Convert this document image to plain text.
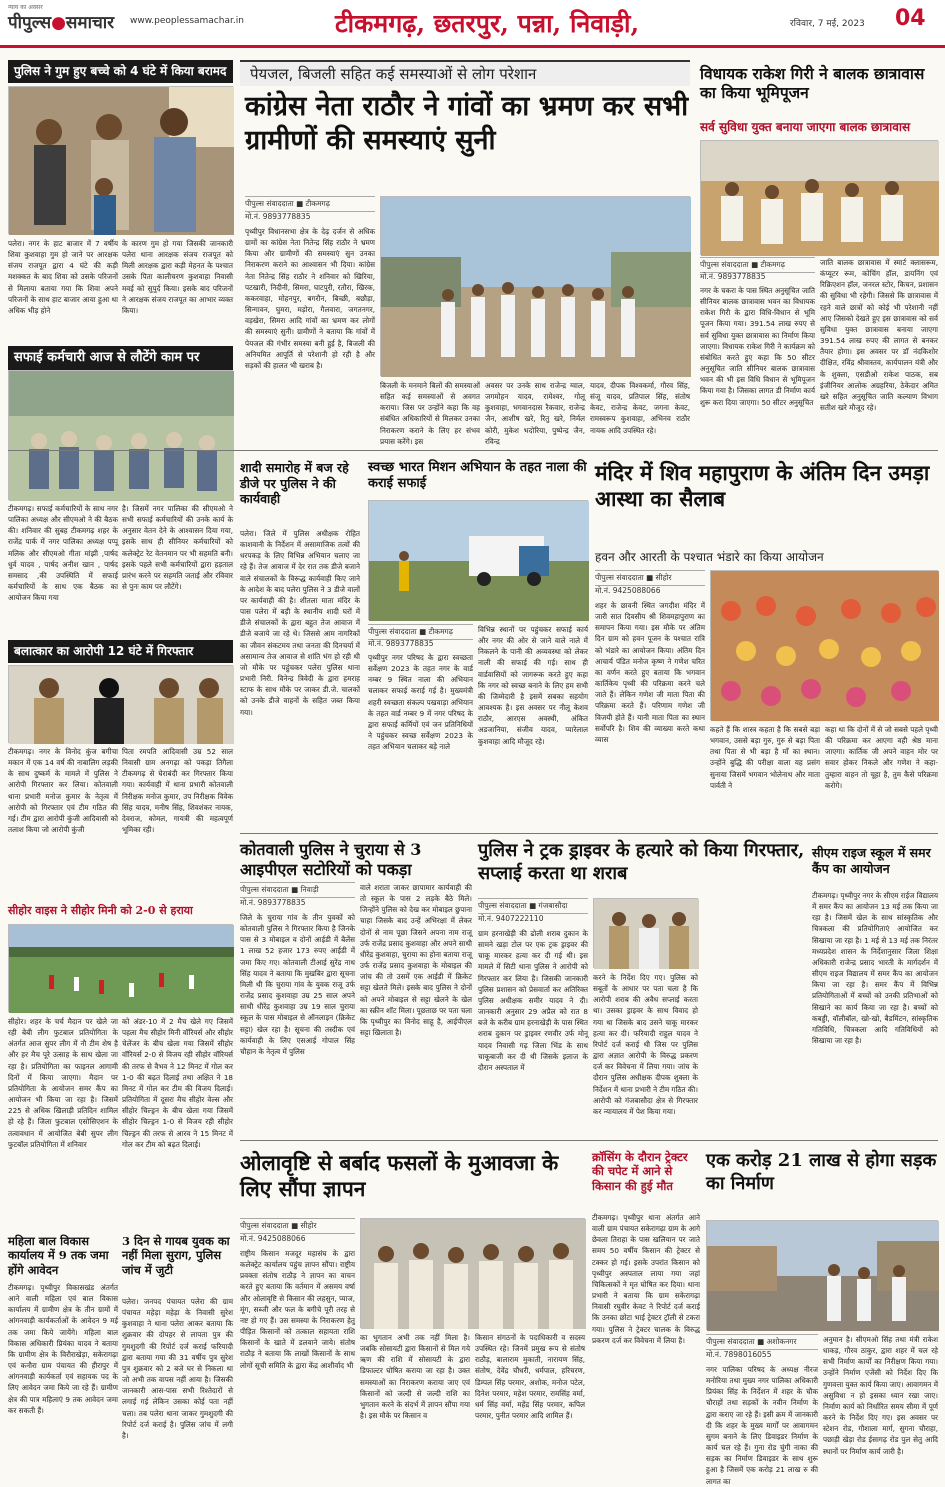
न्याय का अवसर
पीपुल्स●समाचार www.peoplessamachar.in	टीकमगढ़, छतरपुर, पन्ना, निवाड़ी,	रविवार, 7 मई, 2023 04
पुलिस ने गुम हुए बच्चे को 4 घंटे में किया बरामद
पलेरा। नगर के हाट बाजार में 7 वर्षीय शिवा कुशवाहा गुम हो जाने पर आरक्षक संजय राजपूत द्वारा 4 घंटे की कड़ी मशक्कत के बाद शिवा को उसके परिजनों से मिलाया बताया गया कि शिवा अपने परिजनों के साथ हाट बाजार आया हुआ था अधिक भीड़ होने
के कारण गुम हो गया जिसकी जानकारी पलेरा थाना आरक्षक संजय राजपूत को मिली आरक्षक द्वारा कड़ी मेहनत के पश्चात उसके पिता कालीचरण कुशवाहा निवासी मवई को सुपुर्द किया। इसके बाद परिजनों ने आरक्षक संजय राजपूत का आभार व्यक्त किया।
सफाई कर्मचारी आज से लौटेंगे काम पर
टीकमगढ़। सफाई कर्मचारियों के साथ नगर पालिका अध्यक्ष और सीएमओ ने की बैठक की। शनिवार की सुबह टीकमगढ़ शहर के राजेंद्र पार्क में नगर पालिका अध्यक्ष पप्पू मलिक और सीएमओ गीता मांझी ,पार्षद धुर्व यादव , पार्षद अनीश खान , पार्षद समसाद ,की उपस्थिति में सफाई कर्मचारियों के साथ एक बैठक का आयोजन किया गया
है। जिसमें नगर पालिका की सीएमओ ने सभी सफाई कर्मचारियों की उनके कार्य के अनुसार वेतन देने के आश्वासन दिया गया, इसके साथ ही सीनियर कर्मचारियों को कलेक्ट्रेट रेट वेतनमान पर भी सहमति बनी। इसके पहले सभी कर्मचारियों द्वारा हड़ताल प्रारंभ करने पर सहमति जताई और रविवार से पुनः काम पर लौटेंगे।
बलात्कार का आरोपी 12 घंटे में गिरफ्तार
टीकमगढ़। नगर के विनोद कुंज बगीचा मकान में एक 14 वर्ष की नाबालिग लड़की के साथ दुष्कर्म के मामले में पुलिस ने आरोपी गिरफ्तार कर लिया। कोतवाली थाना प्रभारी मनोज कुमार के नेतृत्व में आरोपी को गिरफ्तार एवं टीम गठित की गई। टीम द्वारा आरोपी कुंजी आदिवासी को तलाश किया जो आरोपी कुंजी
पिता रमपति आदिवासी उम्र 52 साल निवासी ग्राम अनगढ़ा को पकड़ा तिगैला टीकमगढ़ से घेराबंदी कर गिरफ्तार किया गया। कार्यवाही में थाना प्रभारी कोतवाली निरीक्षक मनोज कुमार, उप निरीक्षक विवेक सिंह यादव, मनीष सिंह, शिवशंकर नायक, देवराज, कोमल, गायत्री की महत्वपूर्ण भूमिका रही।
सीहोर वाइस ने सीहोर मिनी को 2-0 से हराया
सीहोर। शहर के चर्च मैदान पर खेले जा रही बेबी लीग फुटबाल प्रतियोगिता के अंतर्गत आज सुपर लीग में नौ टीम शेष है और हर मैच पूरे उत्साह के साथ खेला जा रहा है। प्रतियोगिता का फाइनल आगामी दिनों में किया जाएगा। मैदान पर प्रतियोगिता के आयोजन समर कैंप का आयोजन भी किया जा रहा है। जिसमें 225 से अधिक खिलाड़ी प्रतिदिन शामिल हो रहे हैं। जिला फुटबाल एसोसिएशन के तत्वावधान में आयोजित बेबी सुपर लीग फुटबॉल प्रतियोगिता में शनिवार
को अंडर-10 में 2 मैच खेले गए जिसमें पहला मैच सीहोर मिनी वॉरियर्स और सीहोर चेलेंजर के बीच खेला गया जिसमें सीहोर वॉरियर्स 2-0 से विजय रही सीहोर वॉरियर्स की तरफ से वैभव ने 12 मिनट में गोल कर 1-0 की बढ़त दिलाई तथा अक्षित ने 18 मिनट में गोल कर टीम की विजय दिलाई। प्रतियोगिता में दूसरा मैच सीहोर वेल्स और सीहोर चिल्ड्रन के बीच खेला गया जिसमें सीहोर चिल्ड्रन 1-0 से विजय रही सीहोर चिल्ड्रन की तरफ से आरव ने 15 मिनट में गोल कर टीम को बढ़त दिलाई।
महिला बाल विकास कार्यालय में 9 तक जमा होंगे आवेदन
टीकमगढ़। पृथ्वीपुर विकासखंड अंतर्गत आने वाली महिला एवं बाल विकास कार्यालय में ग्रामीण क्षेत्र के तीन ग्रामों में आंगनवाड़ी कार्यकर्ताओं के आवेदन 9 मई तक जमा किये जायेंगे। महिला बाल विकास अधिकारी प्रियंका यादव ने बताया कि ग्रामीण क्षेत्र के विरौराखेड़ा, सकेरागढ़ा एवं कनौरा ग्राम पंचायत की हीरापुर में आंगनवाड़ी कार्यकर्ता एवं सहायक पद के लिए आवेदन जमा किये जा रहे हैं। ग्रामीण क्षेत्र की पात्र महिलाएं 9 तक आवेदन जमा कर सकती हैं।
3 दिन से गायब युवक का नहीं मिला सुराग, पुलिस जांच में जुटी
पलेरा। जनपद पंचायत पलेरा की ग्राम पंचायत महेड़ा महेड़ा के निवासी सुरेश कुशवाहा ने थाना पलेरा आकर बताया कि शुक्रवार की दोपहर से लापता पुत्र की गुमशुदगी की रिपोर्ट दर्ज कराई फरियादी द्वारा बताया गया की 31 वर्षीय पुत्र सुरेश पुत्र शुक्रवार को 2 बजे घर से निकला था जो अभी तक वापस नहीं आया है। जिसकी जानकारी आस-पास सभी रिश्तेदारों से लगाई गई लेकिन उसका कोई पता नहीं चला। तब पलेरा थाना जाकर गुमशुदगी की रिपोर्ट दर्ज कराई है। पुलिस जांच में लगी है।
पेयजल, बिजली सहित कई समस्याओं से लोग परेशान
कांग्रेस नेता राठौर ने गांवों का भ्रमण कर सभी ग्रामीणों की समस्याएं सुनी
पीपुल्स संवाददाता ■ टीकमगढ़
मो.नं. 9893778835
पृथ्वीपुर विधानसभा क्षेत्र के देढ़ दर्जन से अधिक ग्रामों का कांग्रेस नेता नितेन्द्र सिंह राठौर ने भ्रमण किया और ग्रामीणों की समस्याएं सुन उनका निराकरण कराने का आश्वासन भी दिया। कांग्रेस नेता नितेन्द्र सिंह राठौर ने शनिवार को खिरिया, पटखारी, निदीनी, सिमरा, घाटपुरी, रतौरा, खिरक, ककरवाहा, मोहनपुर, बगरौन, बिच्छी, बछौड़ा, सिन्गावन, घुमरा, मड़ोरा, गैलवारा, जगतनगर, वड़खेरा, सिमरा आदि गांवों का भ्रमण कर लोगों की समस्याएं सुनी। ग्रामीणों ने बताया कि गांवों में पेयजल की गंभीर समस्या बनी हुई है, बिजली की अनियमित आपूर्ति से परेशानी हो रही है और सड़कों की हालत भी खराब है।
बिजली के मनमाने बिलों की समस्याओं सहित कई समस्याओं से अवगत कराया। जिस पर उन्होंने कहा कि वह संबंधित अधिकारियों से मिलकर उनका निराकरण कराने के लिए हर संभव प्रयास करेंगे। इस
अवसर पर उनके साथ राजेन्द्र ग्वाल, जगमोहन यादव, रामेश्वर, गोलू कुशवाहा, भगवानदास रैकवार, राजेन्द्र जैन, आशीष खरे, रितु खरे, निर्मल कोरी, मुकेश भदोरिया, पुष्पेन्द्र जैन, रविन्द्र
यादव, दीपक विश्वकर्मा, गौरव सिंह, संजू यादव, प्रतिपाल सिंह, संतोष केवट, राजेन्द्र केवट, जगना केवट, रामस्वरूप कुशवाहा, अभिनव राठौर नायक आदि उपस्थित रहे।
विधायक राकेश गिरी ने बालक छात्रावास का किया भूमिपूजन
सर्व सुविधा युक्त बनाया जाएगा बालक छात्रावास
पीपुल्स संवाददाता ■ टीकमगढ़
मो.नं. 9893778835
नगर के चकरा के पास स्थित अनुसूचित जाति सीनियर बालक छात्रावास भवन का विधायक राकेश गिरी के द्वारा विधि-विधान से भूमि पूजन किया गया। 391.54 लाख रुपए से सर्व सुविधा युक्त छात्रावास का निर्माण किया जाएगा। विधायक राकेश गिरी ने कार्यक्रम को संबोधित करते हुए कहा कि 50 सीटर अनुसूचित जाति सीनियर बालक छात्रावास भवन की भी इस विधि विधान से भूमिपूजन किया गया है। जिसका लागत डी निर्माण कार्य शुरू करा दिया जाएगा। 50 सीटर अनुसूचित
जाति बालक छात्रावास में स्मार्ट क्लासरूम, कंप्यूटर रूम, कोचिंग हॉल, डायनिंग एवं रिक्रिएशन हॉल, जनरल स्टोर, किचन, प्रशासन की सुविधा भी रहेगी। जिससे कि छात्रावास में रहने वाले छात्रों को कोई भी परेशानी नहीं आए जिसको देखते हुए इस छात्रावास को सर्व सुविधा युक्त छात्रावास बनाया जाएगा 391.54 लाख रुपए की लागत से बनकर तैयार होगा। इस अवसर पर डॉ नंदकिशोर दीक्षित, रविंद्र श्रीवास्तव, कार्यपालन यंत्री और के शुक्ला, एसडीओ राकेश पाठक, सब इंजीनियर आलोक अग्रहरिया, ठेकेदार अमित खरे सहित अनुसूचित जाति कल्याण विभाग सतीश खरे मौजूद रहे।
शादी समारोह में बज रहे डीजे पर पुलिस ने की कार्यवाही
पलेरा। जिले में पुलिस अधीक्षक रोहित काशवानी के निर्देशन में असामाजिक तत्वों की धरपकड़ के लिए विभिन्न अभियान चलाए जा रहे हैं। तेज आवाज में देर रात तक डीजे बजाने वाले संचालकों के विरूद्ध कार्यवाही किए जाने के आदेश के बाद पलेरा पुलिस ने 3 डीजे वालों पर कार्यवाही की है। शीतला माता मंदिर के पास पलेरा में बड़ी के स्थानीय शादी घरों में डीजे संचालकों के द्वारा बहुत तेज आवाज में डीजे बजाये जा रहे थे। जिससे आम नागरिकों का जीवन संकटमय तथा जनता की दिनचर्या में असामान्य तेज आवाज से शांति भंग हो रही थी जो मौके पर पहुंचकर पलेरा पुलिस थाना प्रभारी निरी. विनेन्द्र त्रिवेदी के द्वारा हमराह स्टाफ के साथ मौके पर जाकर डी.जे. चालकों को उनके डीजे वाहनों के सहित जब्त किया गया।
स्वच्छ भारत मिशन अभियान के तहत नाला की कराई सफाई
पीपुल्स संवाददाता ■ टीकमगढ़
मो.नं. 9893778835
पृथ्वीपुर नगर परिषद के द्वारा स्वच्छता सर्वेक्षण 2023 के तहत नगर के वार्ड नम्बर 9 स्थित नाला की अभियान चलाकर सफाई कराई गई है। मुख्यमंत्री शहरी स्वच्छता संकल्प पखवाड़ा अभियान के तहत वार्ड नम्बर 9 में नगर परिषद के द्वारा सफाई कर्मियों एवं जन प्रतिनिधियों ने पहुंचकर स्वच्छ सर्वेक्षण 2023 के तहत अभियान चलाकर बड़े नाले
विभिन्न स्थानों पर पहुंचकर सफाई कार्य और नगर की ओर से जाने वाले नाले में निकलने के पानी की अव्यवस्था को लेकर नाली की सफाई की गई। साथ ही वार्डवासियों को जागरूक करते हुए कहा कि नगर को स्वच्छ बनाने के लिए हम सभी की जिम्मेदारी है इसमें सबका सहयोग आवश्यक है। इस अवसर पर नीलू केशव राठौर, आरएस अवस्थी, अंकित अडजानिया, संजीव यादव, प्यारेलाल कुशवाहा आदि मौजूद रहे।
मंदिर में शिव महापुराण के अंतिम दिन उमड़ा आस्था का सैलाब
हवन और आरती के पश्चात भंडारे का किया आयोजन
पीपुल्स संवाददाता ■ सीहोर
मो.नं. 9425088066
शहर के छावनी स्थित जगदीश मंदिर में जारी सात दिवसीय श्री शिवमहापुराण का समापन किया गया। इस मौके पर अंतिम दिन ग्राम को हवन पूजन के पश्चात रात्रि को भंडारे का आयोजन किया। अंतिम दिन आचार्य पंडित मनोज कृष्ण ने गणेश चरित का वर्णन करते हुए बताया कि भगवान कार्तिकेय पृथ्वी की परिक्रमा करने चले जाते हैं। लेकिन गणेश जी माता पिता की परिक्रमा करते हैं। परिणाम गणेश जी विजयी होते हैं। यानी माता पिता का स्थान सर्वोपरि है। शिव की व्याख्या करते कथा व्यास
कहते हैं कि शास्त्र कहता है कि सबसे बड़ा भगवान, उससे बड़ा गुरु, गुरु से बड़ा पिता तथा पिता से भी बड़ा है माँ का स्थान। उन्होंने बुद्धि की परीक्षा वाला यह प्रसंग सुनाया जिसमें भगवान भोलेनाथ और माता पार्वती ने
कहा था कि दोनों में से जो सबसे पहले पृथ्वी की परिक्रमा कर आएगा वही श्रेष्ठ माना जाएगा। कार्तिक जी अपने वाहन मोर पर सवार होकर निकले और गणेश ने कहा-तुम्हारा वाहन तो चूहा है, तुम कैसे परिक्रमा करोगे।
कोतवाली पुलिस ने चुराया से 3 आइपीएल सटोरियों को पकड़ा
पीपुल्स संवाददाता ■ निवाड़ी
मो.नं. 9893778835
जिले के चुराया गांव के तीन युवकों को कोतवाली पुलिस ने गिरफ्तार किया है जिनके पास से 3 मोबाइल व दोनों आईडी में बैलेंस 1 लाख 52 हजार 173 रुपए आईडी में जमा किए गए। कोतवाली टीआई सुरेंद्र नाथ सिंह यादव ने बताया कि मुखबिर द्वारा सूचना मिली थी कि चुराया गांव के युवक राजू उर्फ राजेंद्र प्रसाद कुशवाहा उम्र 25 साल अपने साथी धीरेंद्र कुशवाहा उम्र 19 साल चुराया स्कूल के पास मोबाइल से ऑनलाइन (क्रिकेट सट्टा) खेल रहा है। सूचना की तस्दीक एवं कार्यवाही के लिए एसआई गोपाल सिंह चौहान के नेतृत्व में पुलिस
वाले शराता जाकर छापामार कार्यवाही की तो स्कूल के पास 2 लड़के बैठे मिले। जिन्होंने पुलिस को देख कर मोबाइल छुपाना चाहा जिसके बाद उन्हें अभिरक्षा में लेकर दोनों से नाम पूछा जिसने अपना नाम राजू उर्फ राजेंद्र प्रसाद कुशवाहा और अपने साथी धीरेंद्र कुशवाहा, चुराया का होना बताया राजू उर्फ राजेंद्र प्रसाद कुशवाहा के मोबाइल की जांच की तो उसमें एक आईडी में क्रिकेट सट्टा खेलते मिले। इसके बाद पुलिस ने दोनों को अपने मोबाइल से सट्टा खेलने के खेल का स्क्रीन शॉट मिला। पूछताछ पर पता चला कि पृथ्वीपुर का विनोद साहू है, आईपीएल सट्टा खिलाता है।
पुलिस ने ट्रक ड्राइवर के हत्यारे को किया गिरफ्तार, सप्लाई करता था शराब
पीपुल्स संवाददाता ■ गंजबासौदा
मो.नं. 9407222110
ग्राम हरनाखेड़ी की ढोली शराब दुकान के सामने खड़ा टोल पर एक ट्रक ड्राइवर की चाकू मारकर हत्या कर दी गई थी। इस मामले में सिटी थाना पुलिस ने आरोपी को गिरफ्तार कर लिया है। जिसकी जानकारी पुलिस प्रशासन को प्रेसवार्ता कर अतिरिक्त पुलिस अधीक्षक समीर यादव ने दी। जानकारी अनुसार 29 अप्रैल को रात 8 बजे के करीब ग्राम हरनाखेड़ी के पास स्थित शराब दुकान पर ड्राइवर रणवीर उर्फ मोनू यादव निवासी गढ़ जिला भिंड के साथ चाकूबाजी कर दी थी जिसके इलाज के दौरान अस्पताल में
करने के निर्देश दिए गए। पुलिस को सबूतों के आधार पर पता चला है कि आरोपी शराब की अवैध सप्लाई करता था। उसका ड्राइवर के साथ विवाद हो गया था जिसके बाद उसने चाकू मारकर हत्या कर दी। फरियादी राहुल यादव ने रिपोर्ट दर्ज कराई थी जिस पर पुलिस द्वारा अज्ञात आरोपी के विरुद्ध प्रकरण दर्ज कर विवेचना में लिया गया। जांच के दौरान पुलिस अधीक्षक दीपक शुक्ला के निर्देशन में थाना प्रभारी ने टीम गठित की। आरोपी को गंजबासौदा क्षेत्र से गिरफ्तार कर न्यायालय में पेश किया गया।
सीएम राइज स्कूल में समर कैंप का आयोजन
टीकमगढ़। पृथ्वीपुर नगर के सीएम राईज विद्यालय में समर कैंप का आयोजन 13 मई तक किया जा रहा है। जिसमें खेल के साथ सांस्कृतिक और चित्रकला की प्रतियोगिताएं आयोजित कर सिखाया जा रहा है। 1 मई से 13 मई तक निरंतर मध्यप्रदेश शासन के निर्देशानुसार जिला शिक्षा अधिकारी राजेन्द्र प्रसाद भारती के मार्गदर्शन में सीएम राइज विद्यालय में समर कैंप का आयोजन किया जा रहा है। समर कैंप में विभिन्न प्रतियोगिताओं में बच्चों को उनकी प्रतिभाओं को सिखाने का कार्य किया जा रहा है। बच्चों को कबड्डी, वॉलीबॉल, खो-खो, बैडमिंटन, सांस्कृतिक गतिविधि, चित्रकला आदि गतिविधियों को सिखाया जा रहा है।
ओलावृष्टि से बर्बाद फसलों के मुआवजा के लिए सौंपा ज्ञापन
पीपुल्स संवाददाता ■ सीहोर
मो.नं. 9425088066
राष्ट्रीय किसान मजदूर महासंघ के द्वारा कलेक्ट्रेट कार्यालय पहुंच ज्ञापन सौंपा। राष्ट्रीय प्रवक्ता संतोष राठौड़ ने ज्ञापन का वाचन करते हुए बताया कि वर्तमान में असमय वर्षा और ओलावृष्टि से किसान की लहसुन, प्याज, मूंग, सब्जी और फल के बगीचे पूरी तरह से नष्ट हो गए हैं। उस समस्या के निराकरण हेतु पीड़ित किसानों को तत्काल सहायता राशि किसानों के खाते में डलवाने जाये। संतोष राठौड़ ने बताया कि लाखों किसानों के साथ लोगों सूची समिति के द्वारा केंद्र आशीर्वाद भी
का भुगतान अभी तक नहीं मिला है। जबकि सोसायटी द्वारा किसानों से मिल गये ऋण की राशि में सोसायटी के द्वारा डिफाल्टर घोषित कराया जा रहा है। उक्त समस्याओं का निराकरण कराया जाए एवं किसानों को जल्दी से जल्दी राशि का भुगतान करने के संदर्भ में ज्ञापन सौंपा गया है। इस मौके पर किसान व
किसान संगठनों के पदाधिकारी व सदस्य उपस्थित रहे। जिनमें प्रमुख रूप से संतोष राठौड़, बालाराम मुकाती, नारायण सिंह, संतोष, देवेंद्र चौधरी, धर्मपाल, हरिचरण, डिम्पल सिंह परमार, अशोक, मनोज पटेल, दिनेश परमार, महेश परमार, रामसिंह वर्मा, धर्म सिंह वर्मा, महेंद्र सिंह परमार, कपिल परमार, पुनीत परमार आदि शामिल हैं।
क्रॉसिंग के दौरान ट्रेक्टर की चपेट में आने से किसान की हुई मौत
टीकमगढ़। पृथ्वीपुर थाना अंतर्गत आने वाली ग्राम पंचायत सकेरागढ़ा ग्राम के आगे छेवला तिराहा के पास खलियान पर जाते समय 50 वर्षीय किसान की ट्रेक्टर से टक्कर हो गई। इसके उपरांत किसान को पृथ्वीपुर अस्पताल लाया गया जहां चिकित्सकों ने मृत घोषित कर दिया। थाना प्रभारी ने बताया कि ग्राम सकेरागढ़ा निवासी रघुवीर केवट ने रिपोर्ट दर्ज कराई कि उनका छोटा भाई ट्रेक्टर ट्रॉली से टकरा गया। पुलिस ने ट्रेक्टर चालक के विरुद्ध प्रकरण दर्ज कर विवेचना में लिया है।
एक करोड़ 21 लाख से होगा सड़क का निर्माण
पीपुल्स संवाददाता ■ अशोकनगर
मो.नं. 7898016055
नगर पालिका परिषद के अध्यक्ष नीरज मनोरिया तथा मुख्य नगर पालिका अधिकारी प्रियंका सिंह के निर्देशन में शहर के चौक चौराहों तथा सड़कों के नवीन निर्माण के द्वारा कराए जा रहे हैं। इसी क्रम में जानकारी दी कि शहर के मुख्य मार्गों पर आवागमन सुगम बनाने के लिए डिवाइडर निर्माण के कार्य चल रहे हैं। गुना रोड चुंगी नाका की सड़क का निर्माण डिवाइडर के साथ शुरू हुआ है जिसमें एक करोड़ 21 लाख रु की लागत का
अनुमान है। सीएमओ सिंह तथा मंत्री राकेश धाकड़, गौरव ठाकुर, द्वारा शहर में चल रहे सभी निर्माण कार्यों का निरीक्षण किया गया। उन्होंने निर्माण एजेंसी को निर्देश दिए कि गुणवत्ता युक्त कार्य किया जाए। आवागमन में असुविधा न हो इसका ध्यान रखा जाए। निर्माण कार्य को निर्धारित समय सीमा में पूर्ण करने के निर्देश दिए गए। इस अवसर पर स्टेशन रोड, गौशाला मार्ग, सुगना चौराहा, पछाड़ी खेड़ा रोड ईसागढ़ रोड पुल सेतु आदि स्थानों पर निर्माण कार्य जारी है।
